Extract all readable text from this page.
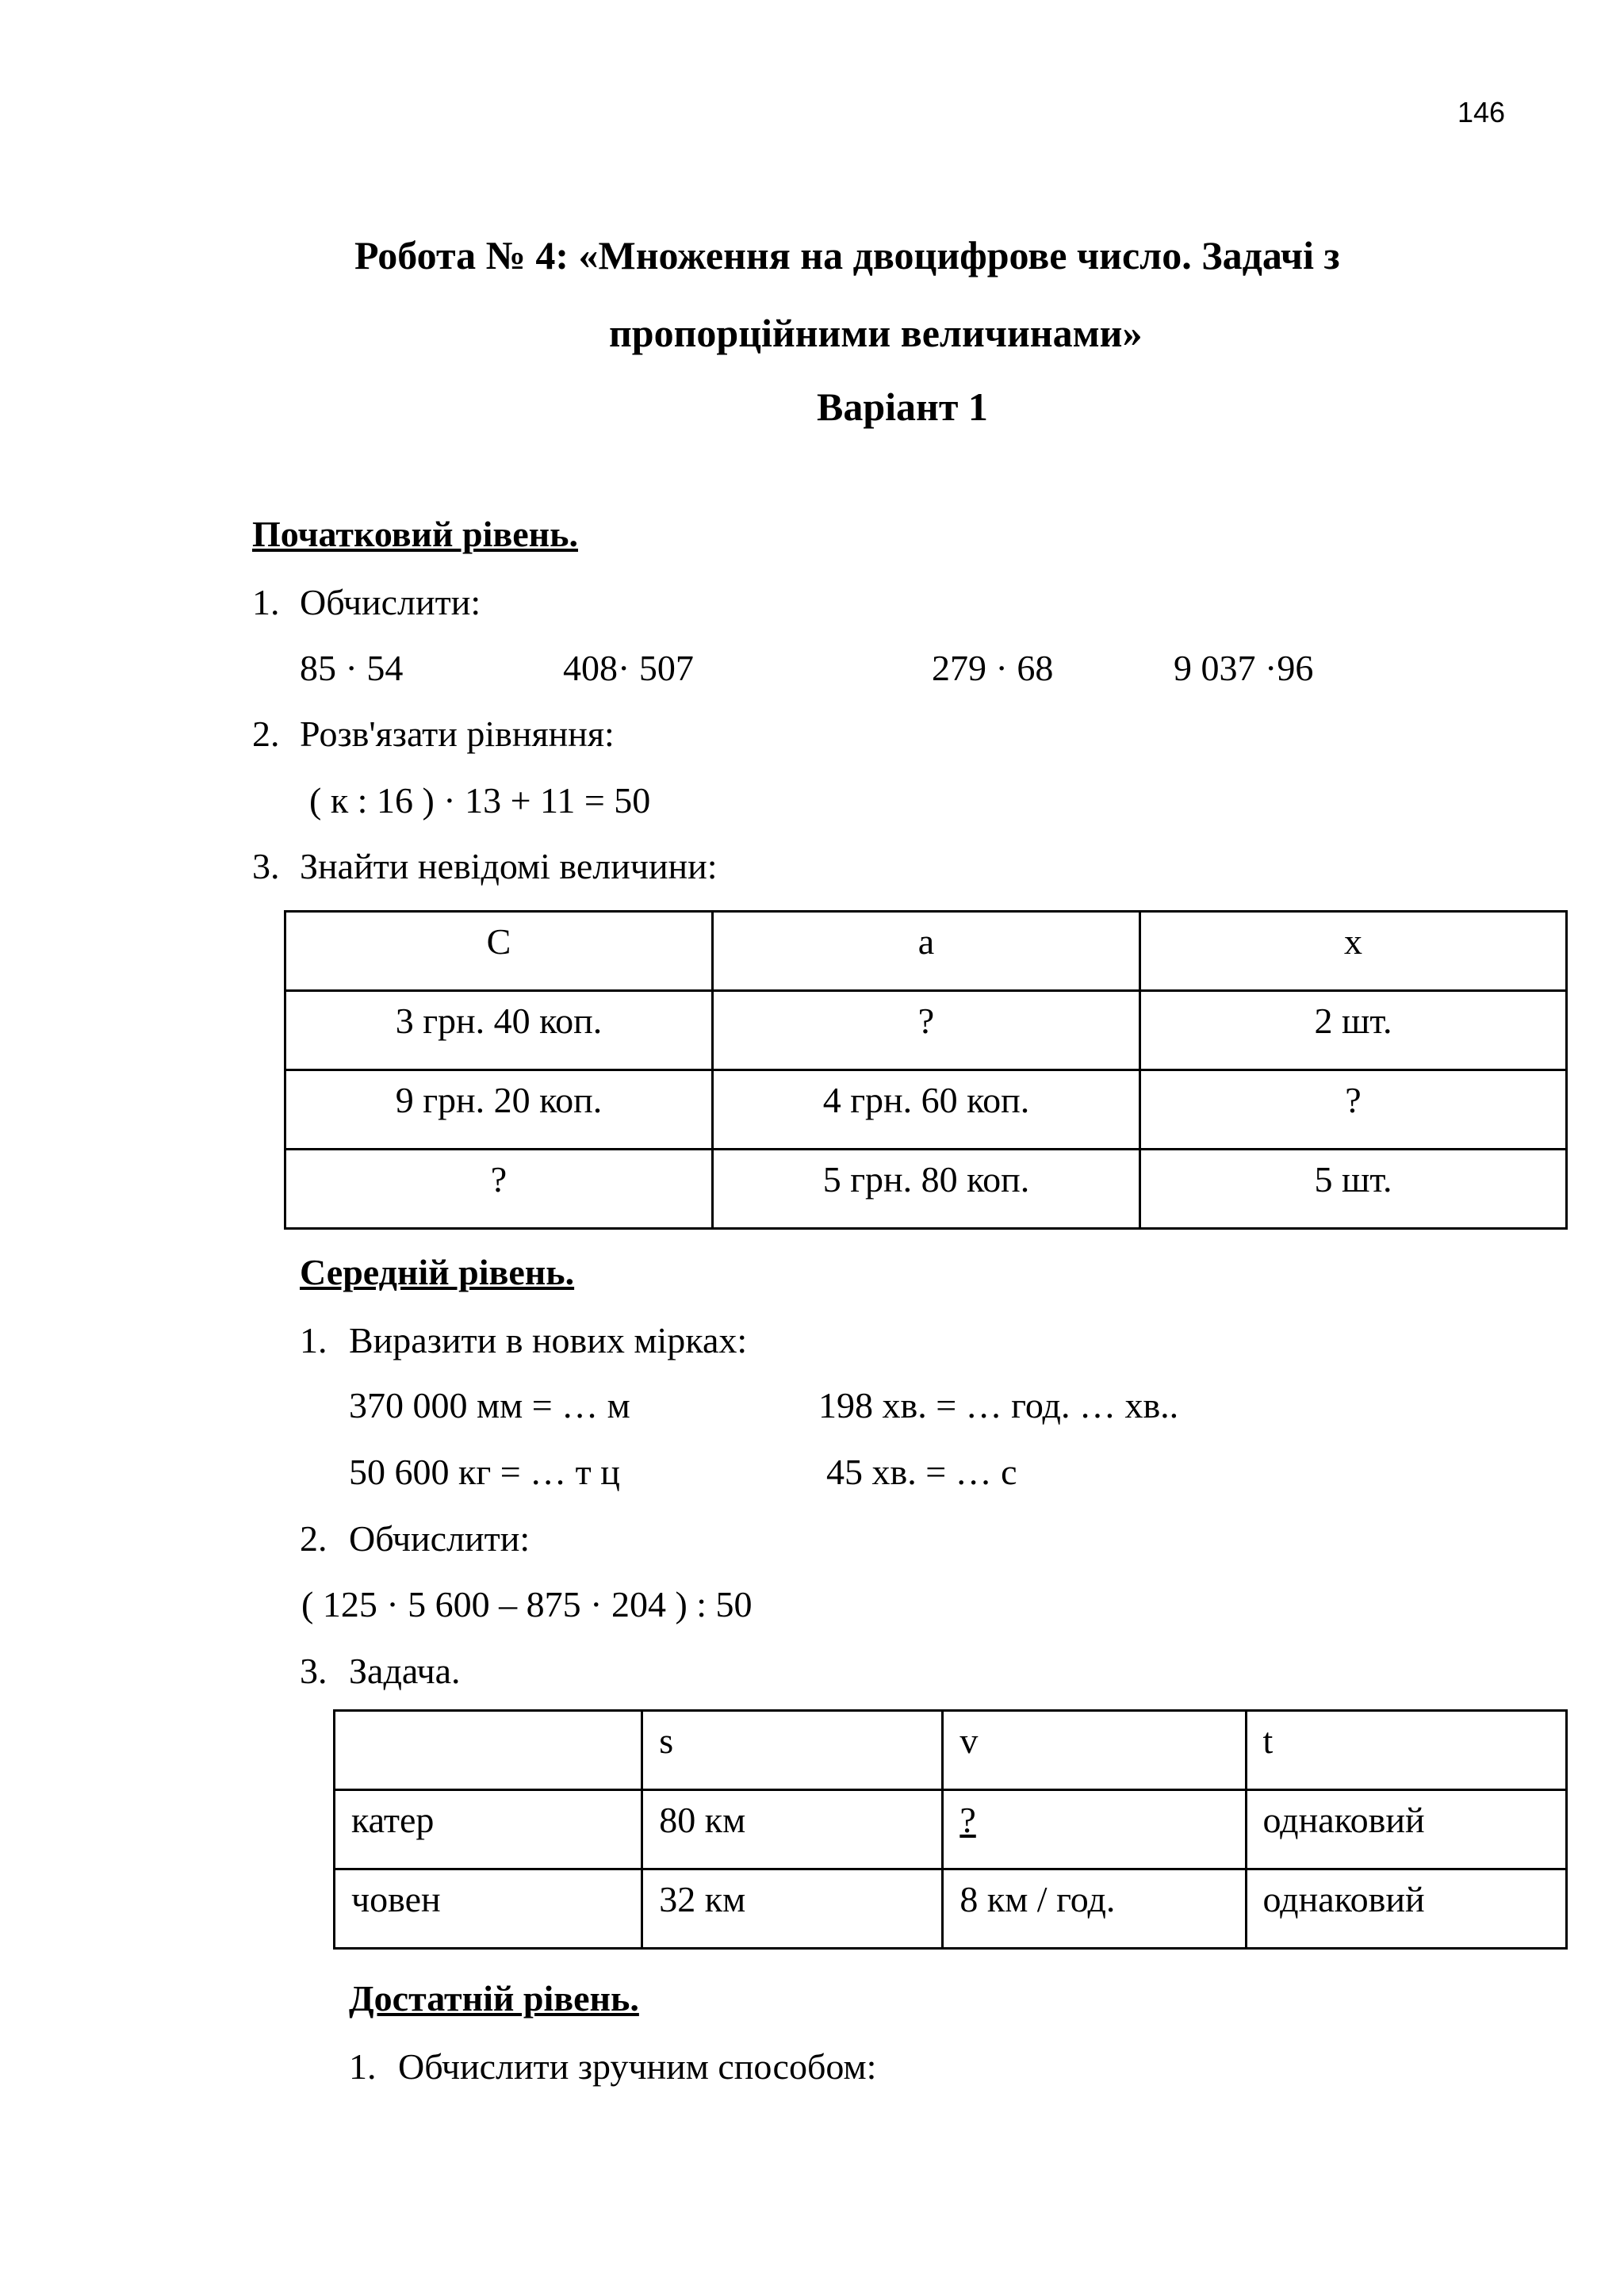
146
Робота № 4: «Множення на двоцифрове число. Задачі з
пропорційними величинами»
Варіант 1
Початковий рівень.
1. Обчислити:
85 · 54	408· 507	279 · 68	9 037 ·96
2. Розв'язати рівняння:
( к : 16 ) · 13 + 11 = 50
3. Знайти невідомі величини:
С	а	х
3 грн. 40 коп.	?	2 шт.
9 грн. 20 коп.	4 грн. 60 коп.	?
?	5 грн. 80 коп.	5 шт.
Середній рівень.
1. Виразити в нових мірках:
370 000 мм = … м	198 хв. = … год. … хв..
50 600 кг = … т ц	45 хв. = … с
2. Обчислити:
( 125 · 5 600 – 875 · 204 ) : 50
3. Задача.
	s	v	t
катер	80 км	?	однаковий
човен	32 км	8 км / год.	однаковий
Достатній рівень.
1. Обчислити зручним способом:
